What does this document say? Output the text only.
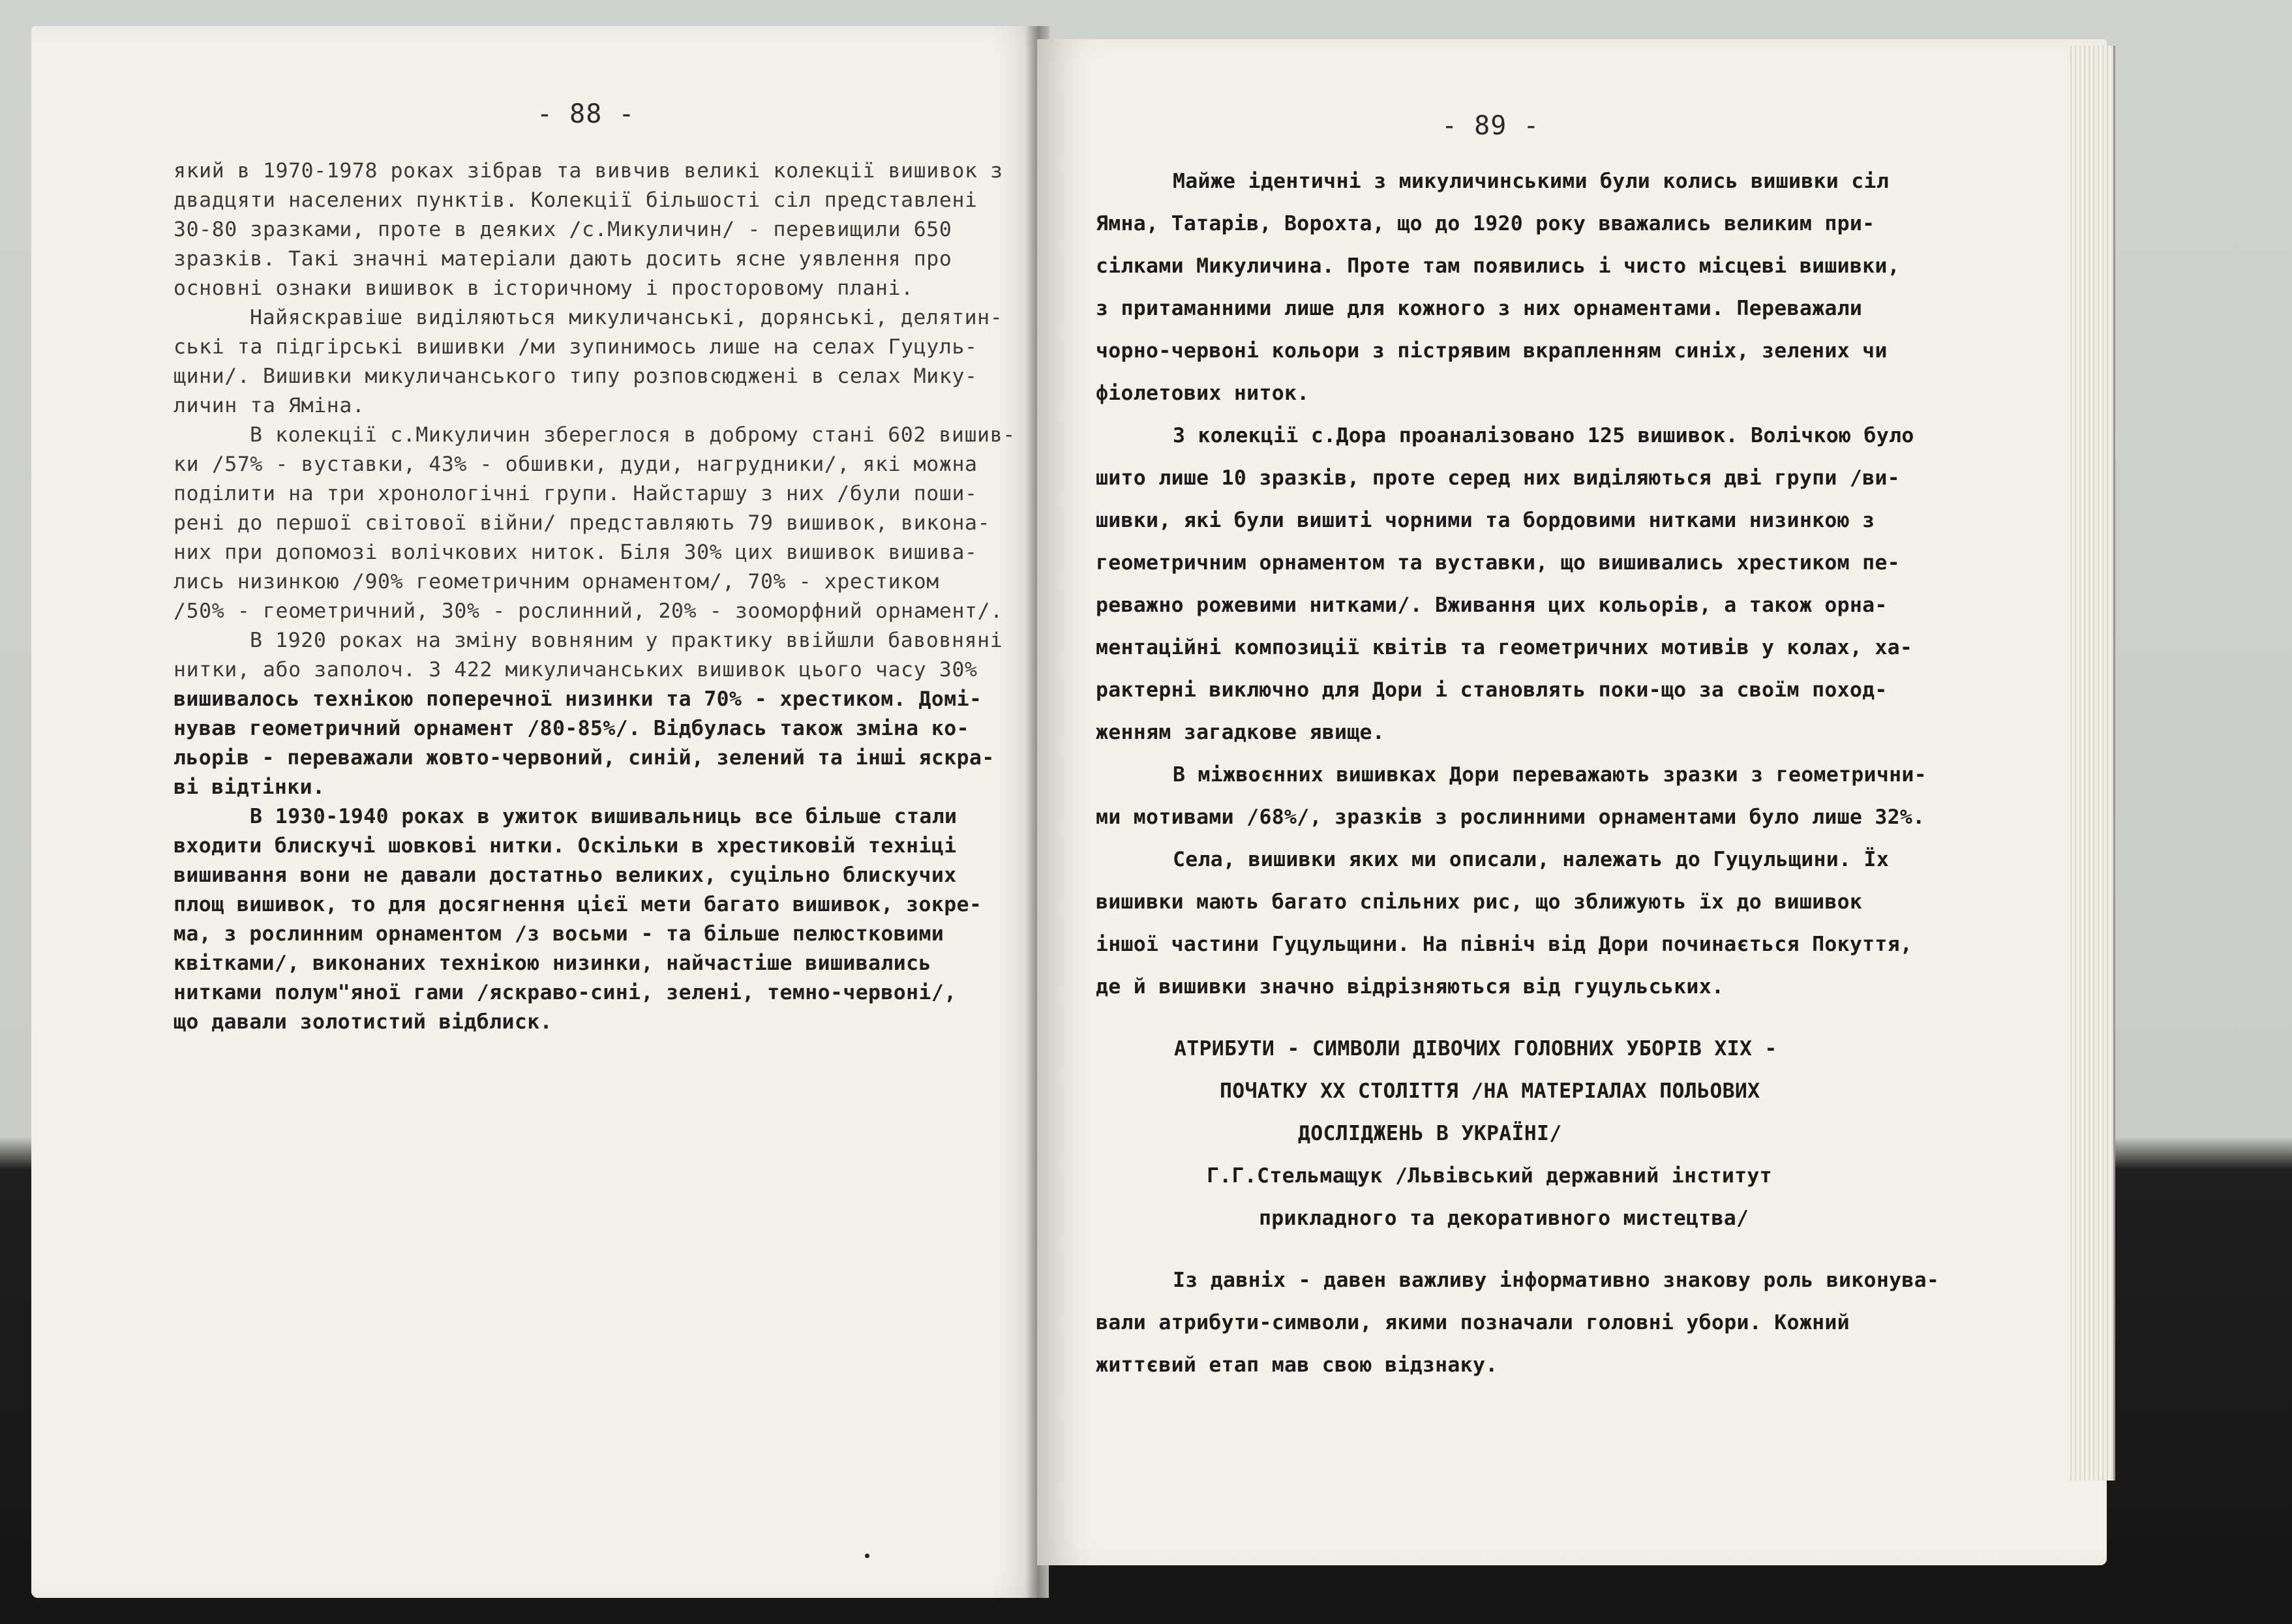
- 88 -
який в 1970-1978 роках зібрав та вивчив великі колекції вишивок з
двадцяти населених пунктів. Колекції більшості сіл представлені
30-80 зразками, проте в деяких /с.Микуличин/ - перевищили 650
зразків. Такі значні матеріали дають досить ясне уявлення про
основні ознаки вишивок в історичному і просторовому плані.
Найяскравіше виділяються микуличанські, дорянські, делятин-
ські та підгірські вишивки /ми зупинимось лише на селах Гуцуль-
щини/. Вишивки микуличанського типу розповсюджені в селах Мику-
личин та Яміна.
В колекції с.Микуличин збереглося в доброму стані 602 вишив-
ки /57% - вуставки, 43% - обшивки, дуди, нагрудники/, які можна
поділити на три хронологічні групи. Найстаршу з них /були поши-
рені до першої світової війни/ представляють 79 вишивок, викона-
них при допомозі волічкових ниток. Біля 30% цих вишивок вишива-
лись низинкою /90% геометричним орнаментом/, 70% - хрестиком
/50% - геометричний, 30% - рослинний, 20% - зооморфний орнамент/.
В 1920 роках на зміну вовняним у практику ввійшли бавовняні
нитки, або заполоч. З 422 микуличанських вишивок цього часу 30%
вишивалось технікою поперечної низинки та 70% - хрестиком. Домі-
нував геометричний орнамент /80-85%/. Відбулась також зміна ко-
льорів - переважали жовто-червоний, синій, зелений та інші яскра-
ві відтінки.
В 1930-1940 роках в ужиток вишивальниць все більше стали
входити блискучі шовкові нитки. Оскільки в хрестиковій техніці
вишивання вони не давали достатньо великих, суцільно блискучих
площ вишивок, то для досягнення цієї мети багато вишивок, зокре-
ма, з рослинним орнаментом /з восьми - та більше пелюстковими
квітками/, виконаних технікою низинки, найчастіше вишивались
нитками полум"яної гами /яскраво-сині, зелені, темно-червоні/,
що давали золотистий відблиск.
- 89 -
Майже ідентичні з микуличинськими були колись вишивки сіл
Ямна, Татарів, Ворохта, що до 1920 року вважались великим при-
сілками Микуличина. Проте там появились і чисто місцеві вишивки,
з притаманними лише для кожного з них орнаментами. Переважали
чорно-червоні кольори з пістрявим вкрапленням синіх, зелених чи
фіолетових ниток.
З колекції с.Дора проаналізовано 125 вишивок. Волічкою було
шито лише 10 зразків, проте серед них виділяються дві групи /ви-
шивки, які були вишиті чорними та бордовими нитками низинкою з
геометричним орнаментом та вуставки, що вишивались хрестиком пе-
реважно рожевими нитками/. Вживання цих кольорів, а також орна-
ментаційні композиції квітів та геометричних мотивів у колах, ха-
рактерні виключно для Дори і становлять поки-що за своїм поход-
женням загадкове явище.
В міжвоєнних вишивках Дори переважають зразки з геометрични-
ми мотивами /68%/, зразків з рослинними орнаментами було лише 32%.
Села, вишивки яких ми описали, належать до Гуцульщини. Їх
вишивки мають багато спільних рис, що зближують їх до вишивок
іншої частини Гуцульщини. На північ від Дори починається Покуття,
де й вишивки значно відрізняються від гуцульських.
АТРИБУТИ - СИМВОЛИ ДІВОЧИХ ГОЛОВНИХ УБОРІВ XIX -
ПОЧАТКУ XX СТОЛІТТЯ /НА МАТЕРІАЛАХ ПОЛЬОВИХ
ДОСЛІДЖЕНЬ В УКРАЇНІ/
Г.Г.Стельмащук /Львівський державний інститут
прикладного та декоративного мистецтва/
Із давніх - давен важливу інформативно знакову роль виконува-
вали атрибути-символи, якими позначали головні убори. Кожний
життєвий етап мав свою відзнаку.
